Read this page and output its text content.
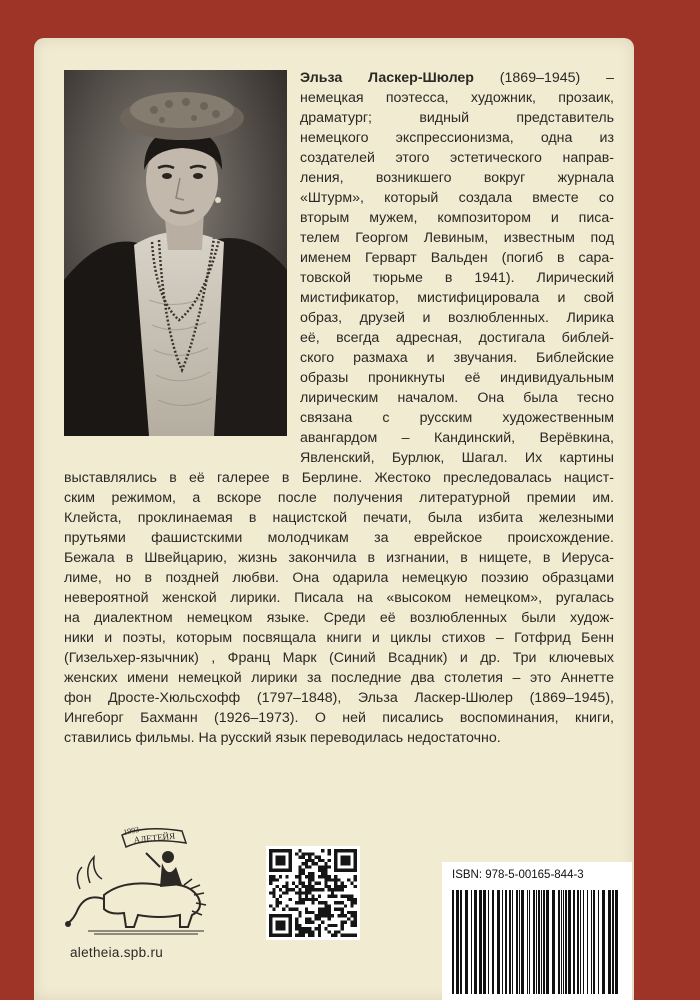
Эльза Ласкер-Шюлер (1869–1945) –
немецкая поэтесса, художник, прозаик,
драматург; видный представитель
немецкого экспрессионизма, одна из
создателей этого эстетического направ-
ления, возникшего вокруг журнала
«Штурм», который создала вместе со
вторым мужем, композитором и писа-
телем Георгом Левиным, известным под
именем Герварт Вальден (погиб в сара-
товской тюрьме в 1941). Лирический
мистификатор, мистифицировала и свой
образ, друзей и возлюбленных. Лирика
её, всегда адресная, достигала библей-
ского размаха и звучания. Библейские
образы проникнуты её индивидуальным
лирическим началом. Она была тесно
связана с русским художественным
авангардом – Кандинский, Верёвкина,
Явленский, Бурлюк, Шагал. Их картины
выставлялись в её галерее в Берлине. Жестоко преследовалась нацист-
ским режимом, а вскоре после получения литературной премии им.
Клейста, проклинаемая в нацистской печати, была избита железными
прутьями фашистскими молодчикам за еврейское происхождение.
Бежала в Швейцарию, жизнь закончила в изгнании, в нищете, в Иеруса-
лиме, но в поздней любви. Она одарила немецкую поэзию образцами
невероятной женской лирики. Писала на «высоком немецком», ругалась
на диалектном немецком языке. Среди её возлюбленных были худож-
ники и поэты, которым посвящала книги и циклы стихов – Готфрид Бенн
(Гизельхер-язычник) , Франц Марк (Синий Всадник) и др. Три ключевых
женских имени немецкой лирики за последние два столетия – это Аннетте
фон Дросте-Хюльсхофф (1797–1848), Эльза Ласкер-Шюлер (1869–1945),
Ингеборг Бахманн (1926–1973). О ней писались воспоминания, книги,
ставились фильмы. На русский язык переводилась недостаточно.
1993
АЛЕТЕЙЯ
aletheia.spb.ru
ISBN: 978-5-00165-844-3
